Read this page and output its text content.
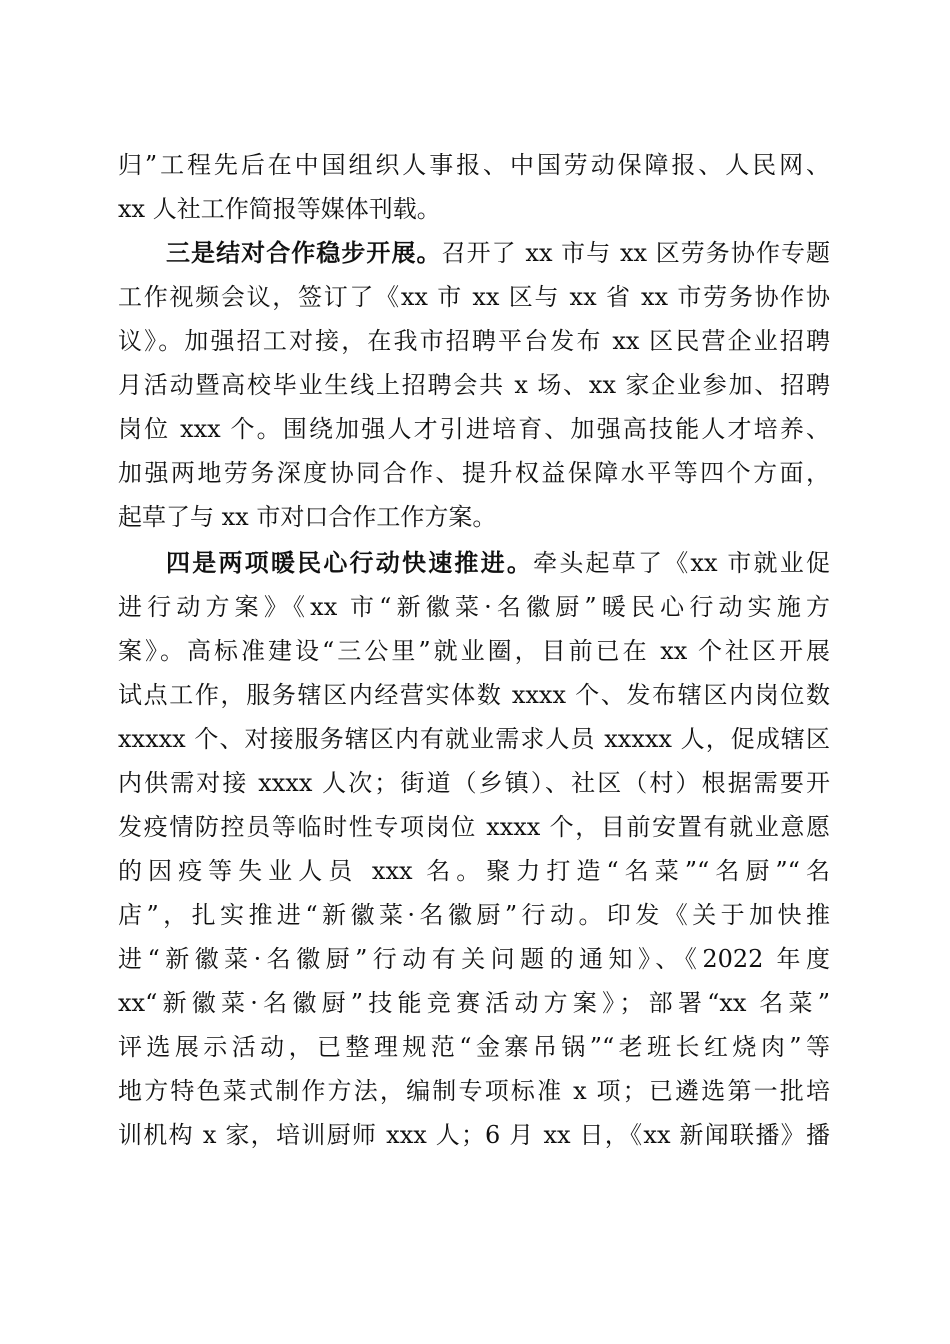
归”工程先后在中国组织人事报、中国劳动保障报、人民网、
xx 人社工作简报等媒体刊载。
三是结对合作稳步开展。召开了 xx 市与 xx 区劳务协作专题
工作视频会议，签订了《xx 市 xx 区与 xx 省 xx 市劳务协作协
议》。加强招工对接，在我市招聘平台发布 xx 区民营企业招聘
月活动暨高校毕业生线上招聘会共 x 场、xx 家企业参加、招聘
岗位 xxx 个。围绕加强人才引进培育、加强高技能人才培养、
加强两地劳务深度协同合作、提升权益保障水平等四个方面，
起草了与 xx 市对口合作工作方案。
四是两项暖民心行动快速推进。牵头起草了《xx 市就业促
进行动方案》《xx 市“新徽菜·名徽厨”暖民心行动实施方
案》。高标准建设“三公里”就业圈，目前已在 xx 个社区开展
试点工作，服务辖区内经营实体数 xxxx 个、发布辖区内岗位数
xxxxx 个、对接服务辖区内有就业需求人员 xxxxx 人，促成辖区
内供需对接 xxxx 人次；街道（乡镇）、社区（村）根据需要开
发疫情防控员等临时性专项岗位 xxxx 个，目前安置有就业意愿
的因疫等失业人员 xxx 名。聚力打造“名菜”“名厨”“名
店”，扎实推进“新徽菜·名徽厨”行动。印发《关于加快推
进“新徽菜·名徽厨”行动有关问题的通知》、《2022 年度
xx“新徽菜·名徽厨”技能竞赛活动方案》；部署“xx 名菜”
评选展示活动，已整理规范“金寨吊锅”“老班长红烧肉”等
地方特色菜式制作方法，编制专项标准 x 项；已遴选第一批培
训机构 x 家，培训厨师 xxx 人；6 月 xx 日，《xx 新闻联播》播
